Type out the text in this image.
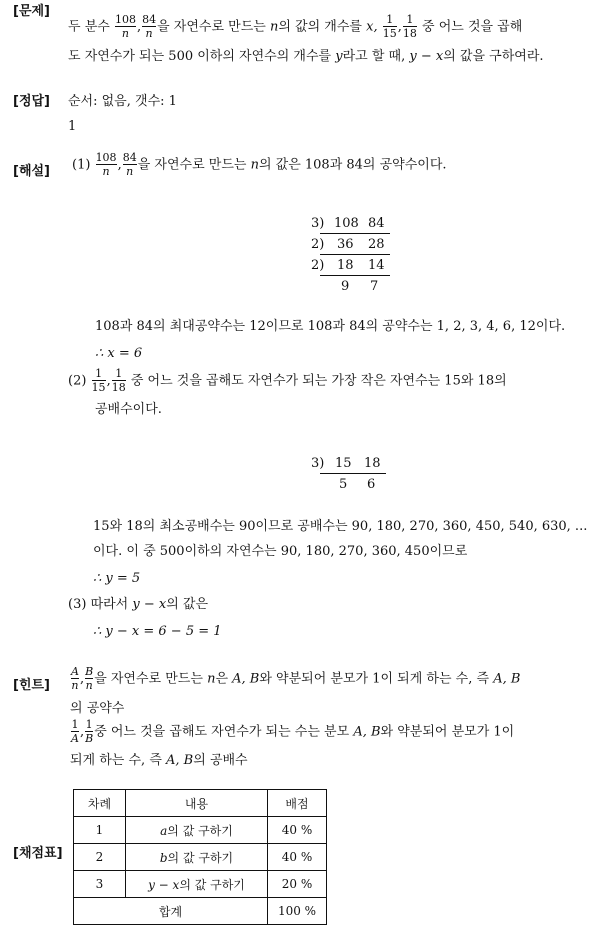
[문제]
두 분수 $\frac{108}{n}$ , $\frac{84}{n}$ 을 자연수로 만드는 n의 값의 개수를 x, $\frac{1}{15}$ , $\frac{1}{18}$ 중 어느 것을 곱해
도 자연수가 되는 500 이하의 자연수의 개수를 y라고 할 때, y − x의 값을 구하여라.
[정답] 순서: 없음, 갯수: 1
1
[해설] $(1) \frac{108}{n}$ , $\frac{84}{n}$ 을 자연수로 만드는 n의 값은 108과 84의 공약수이다.
3) 108 84
2) 36 28
2) 18 14
9 7
108과 84의 최대공약수는 12이므로 108과 84의 공약수는 1, 2, 3, 4, 6, 12이다.
∴ x = 6
$(2) \frac{1}{15}$ , $\frac{1}{18}$ 중 어느 것을 곱해도 자연수가 되는 가장 작은 자연수는 15와 18의
공배수이다.
3) 15 18
5 6
15와 18의 최소공배수는 90이므로 공배수는 90, 180, 270, 360, 450, 540, 630, ...
이다. 이 중 500이하의 자연수는 90, 180, 270, 360, 450이므로
∴ y = 5
(3) 따라서 y − x의 값은
∴ y − x = 6 − 5 = 1
[힌트] $\frac{A}{n}$ , $\frac{B}{n}$ 을 자연수로 만드는 n은 A, B와 약분되어 분모가 1이 되게 하는 수, 즉 A, B
의 공약수
$\frac{1}{A}$ , $\frac{1}{B}$ 중 어느 것을 곱해도 자연수가 되는 수는 분모 A, B와 약분되어 분모가 1이
되게 하는 수, 즉 A, B의 공배수
[채점표]
차례	내용	배점
1	a의 값 구하기	40 %
2	b의 값 구하기	40 %
3	y − x의 값 구하기	20 %
합계		100 %
